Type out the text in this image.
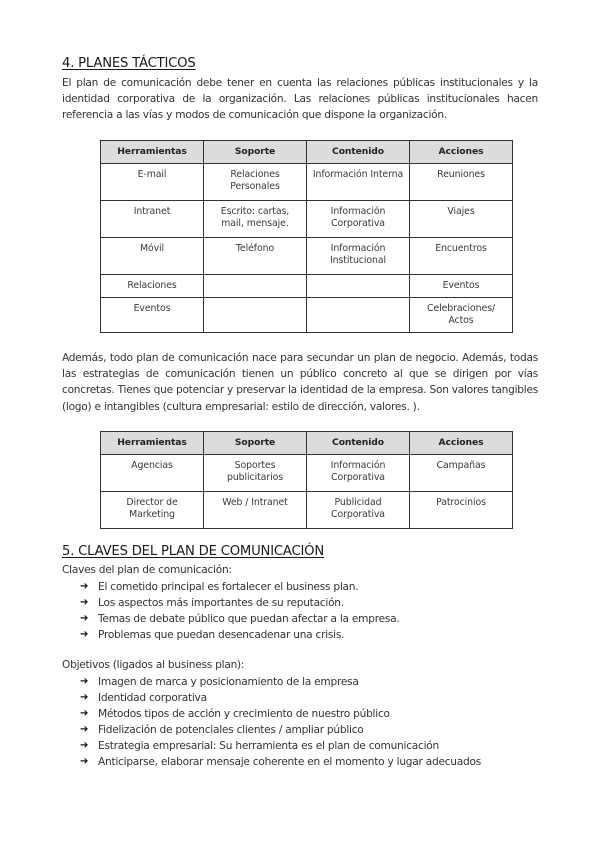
4. PLANES TÁCTICOS

El plan de comunicación debe tener en cuenta las relaciones públicas institucionales y la identidad corporativa de la organización. Las relaciones públicas institucionales hacen referencia a las vías y modos de comunicación que dispone la organización.

Herramientas	Soporte	Contenido	Acciones
E-mail	Relaciones Personales	Información Interna	Reuniones
Intranet	Escrito: cartas, mail, mensaje.	Información Corporativa	Viajes
Móvil	Teléfono	Información Institucional	Encuentros
Relaciones			Eventos
Eventos			Celebraciones/ Actos

Además, todo plan de comunicación nace para secundar un plan de negocio. Además, todas las estrategias de comunicación tienen un público concreto al que se dirigen por vías concretas. Tienes que potenciar y preservar la identidad de la empresa. Son valores tangibles (logo) e intangibles (cultura empresarial: estilo de dirección, valores. ).

Herramientas	Soporte	Contenido	Acciones
Agencias	Soportes publicitarios	Información Corporativa	Campañas
Director de Marketing	Web / Intranet	Publicidad Corporativa	Patrocinios
5. CLAVES DEL PLAN DE COMUNICACIÓN

Claves del plan de comunicación:

➔ El cometido principal es fortalecer el business plan.
➔ Los aspectos más importantes de su reputación.
➔ Temas de debate público que puedan afectar a la empresa.
➔ Problemas que puedan desencadenar una crisis.

Objetivos (ligados al business plan):

➔ Imagen de marca y posicionamiento de la empresa
➔ Identidad corporativa
➔ Métodos tipos de acción y crecimiento de nuestro público
➔ Fidelización de potenciales clientes / ampliar público
➔ Estrategia empresarial: Su herramienta es el plan de comunicación
➔ Anticiparse, elaborar mensaje coherente en el momento y lugar adecuados
